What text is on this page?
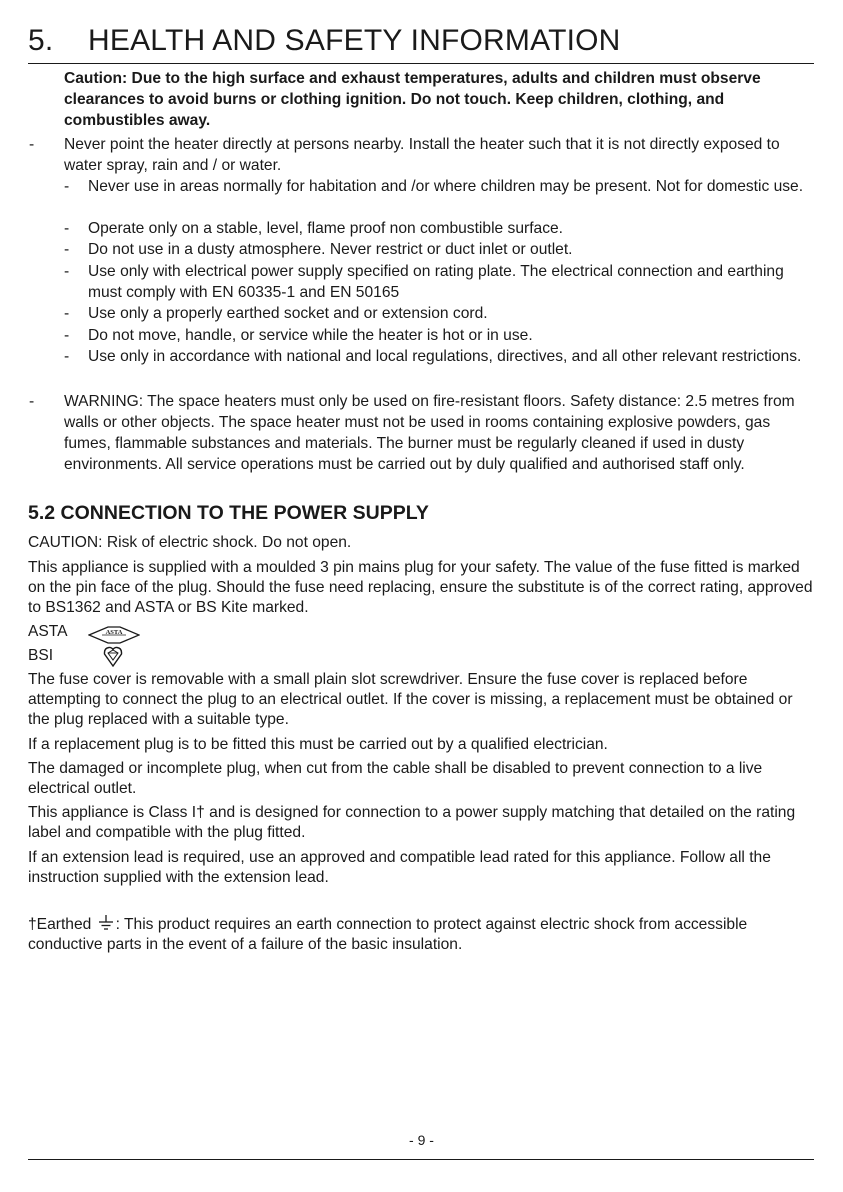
5. HEALTH AND SAFETY INFORMATION
Caution: Due to the high surface and exhaust temperatures, adults and children must observe clearances to avoid burns or clothing ignition. Do not touch. Keep children, clothing, and combustibles away.
-	Never point the heater directly at persons nearby. Install the heater such that it is not directly exposed to water spray, rain and / or water.
-	Never use in areas normally for habitation and /or where children may be present. Not for domestic use.
-	Operate only on a stable, level, flame proof non combustible surface.
-	Do not use in a dusty atmosphere. Never restrict or duct inlet or outlet.
-	Use only with electrical power supply specified on rating plate. The electrical connection and earthing must comply with EN 60335-1 and EN 50165
-	Use only a properly earthed socket and or extension cord.
-	Do not move, handle, or service while the heater is hot or in use.
-	Use only in accordance with national and local regulations, directives, and all other relevant restrictions.
-	WARNING: The space heaters must only be used on fire-resistant floors. Safety distance: 2.5 metres from walls or other objects. The space heater must not be used in rooms containing explosive powders, gas fumes, flammable substances and materials. The burner must be regularly cleaned if used in dusty environments. All service operations must be carried out by duly qualified and authorised staff only.
5.2 CONNECTION TO THE POWER SUPPLY
CAUTION: Risk of electric shock. Do not open.
This appliance is supplied with a moulded 3 pin mains plug for your safety. The value of the fuse fitted is marked on the pin face of the plug. Should the fuse need replacing, ensure the substitute is of the correct rating, approved to BS1362 and ASTA or BS Kite marked.
ASTA	ASTA
BSI
The fuse cover is removable with a small plain slot screwdriver. Ensure the fuse cover is replaced before attempting to connect the plug to an electrical outlet. If the cover is missing, a replacement must be obtained or the plug replaced with a suitable type.
If a replacement plug is to be fitted this must be carried out by a qualified electrician.
The damaged or incomplete plug, when cut from the cable shall be disabled to prevent connection to a live electrical outlet.
This appliance is Class I† and is designed for connection to a power supply matching that detailed on the rating label and compatible with the plug fitted.
If an extension lead is required, use an approved and compatible lead rated for this appliance. Follow all the instruction supplied with the extension lead.
†Earthed : This product requires an earth connection to protect against electric shock from accessible conductive parts in the event of a failure of the basic insulation.
- 9 -
